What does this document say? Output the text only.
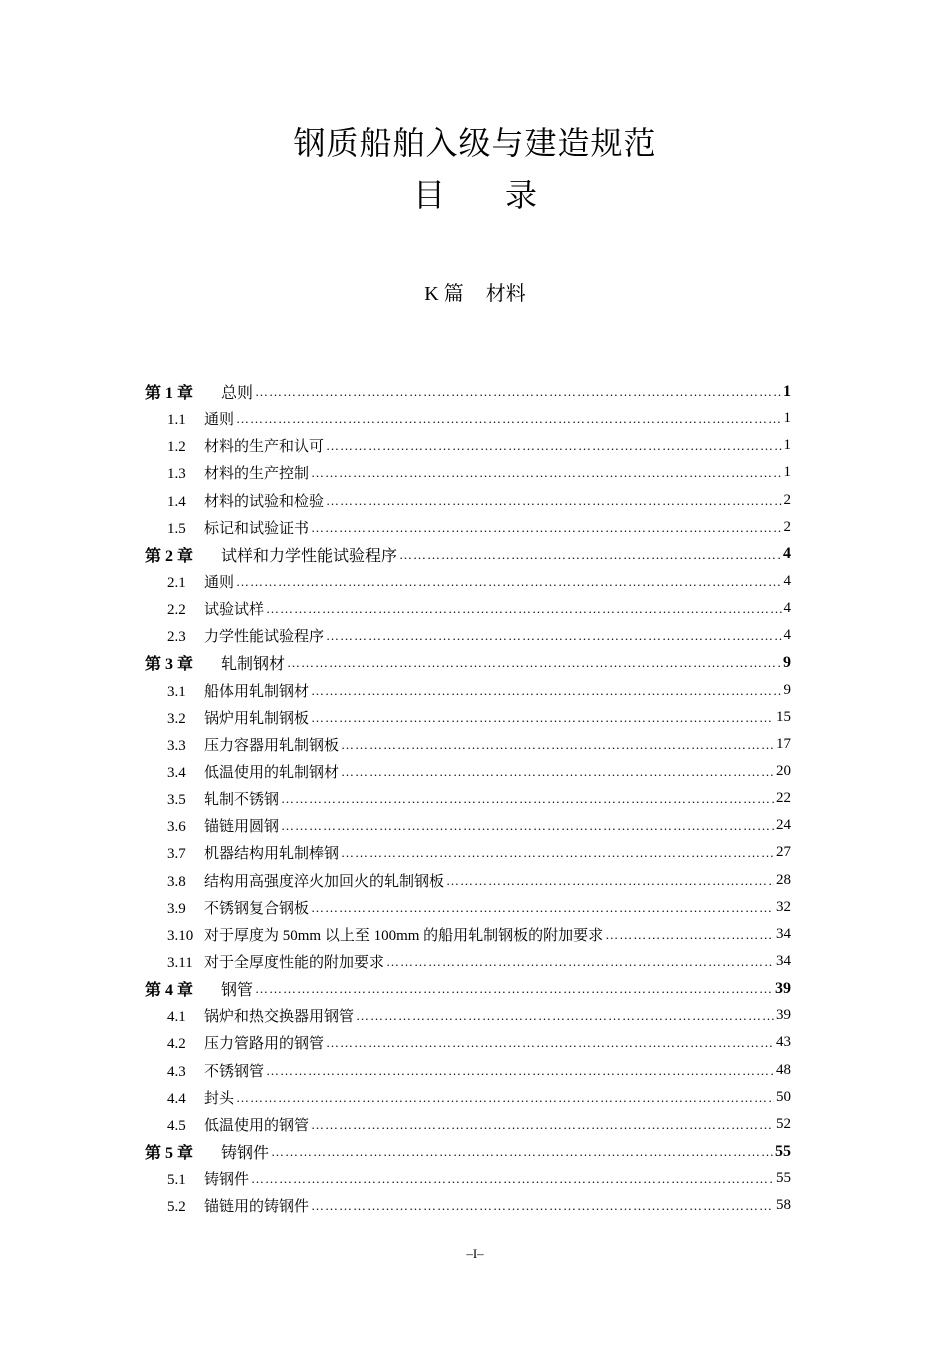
钢质船舶入级与建造规范
目录
K 篇 材料
第 1 章 总则 …………………………………………………………………………………………………………………………………………………………………………………………………………………………………………………………………………	1
1.1 通则 …………………………………………………………………………………………………………………………………………………………………………………………………………………………………………………………………………	1
1.2 材料的生产和认可 …………………………………………………………………………………………………………………………………………………………………………………………………………………………………………………………………………	1
1.3 材料的生产控制 …………………………………………………………………………………………………………………………………………………………………………………………………………………………………………………………………………	1
1.4 材料的试验和检验 …………………………………………………………………………………………………………………………………………………………………………………………………………………………………………………………………………	2
1.5 标记和试验证书 …………………………………………………………………………………………………………………………………………………………………………………………………………………………………………………………………………	2
第 2 章 试样和力学性能试验程序 …………………………………………………………………………………………………………………………………………………………………………………………………………………………………………………………………………	4
2.1 通则 …………………………………………………………………………………………………………………………………………………………………………………………………………………………………………………………………………	4
2.2 试验试样 …………………………………………………………………………………………………………………………………………………………………………………………………………………………………………………………………………	4
2.3 力学性能试验程序 …………………………………………………………………………………………………………………………………………………………………………………………………………………………………………………………………………	4
第 3 章 轧制钢材 …………………………………………………………………………………………………………………………………………………………………………………………………………………………………………………………………………	9
3.1 船体用轧制钢材 …………………………………………………………………………………………………………………………………………………………………………………………………………………………………………………………………………	9
3.2 锅炉用轧制钢板 …………………………………………………………………………………………………………………………………………………………………………………………………………………………………………………………………………	15
3.3 压力容器用轧制钢板 …………………………………………………………………………………………………………………………………………………………………………………………………………………………………………………………………………	17
3.4 低温使用的轧制钢材 …………………………………………………………………………………………………………………………………………………………………………………………………………………………………………………………………………	20
3.5 轧制不锈钢 …………………………………………………………………………………………………………………………………………………………………………………………………………………………………………………………………………	22
3.6 锚链用圆钢 …………………………………………………………………………………………………………………………………………………………………………………………………………………………………………………………………………	24
3.7 机器结构用轧制棒钢 …………………………………………………………………………………………………………………………………………………………………………………………………………………………………………………………………………	27
3.8 结构用高强度淬火加回火的轧制钢板 …………………………………………………………………………………………………………………………………………………………………………………………………………………………………………………………………………	28
3.9 不锈钢复合钢板 …………………………………………………………………………………………………………………………………………………………………………………………………………………………………………………………………………	32
3.10 对于厚度为 50mm 以上至 100mm 的船用轧制钢板的附加要求 …………………………………………………………………………………………………………………………………………………………………………………………………………………………………………………………………………	34
3.11 对于全厚度性能的附加要求 …………………………………………………………………………………………………………………………………………………………………………………………………………………………………………………………………………	34
第 4 章 钢管 …………………………………………………………………………………………………………………………………………………………………………………………………………………………………………………………………………	39
4.1 锅炉和热交换器用钢管 …………………………………………………………………………………………………………………………………………………………………………………………………………………………………………………………………………	39
4.2 压力管路用的钢管 …………………………………………………………………………………………………………………………………………………………………………………………………………………………………………………………………………	43
4.3 不锈钢管 …………………………………………………………………………………………………………………………………………………………………………………………………………………………………………………………………………	48
4.4 封头 …………………………………………………………………………………………………………………………………………………………………………………………………………………………………………………………………………	50
4.5 低温使用的钢管 …………………………………………………………………………………………………………………………………………………………………………………………………………………………………………………………………………	52
第 5 章 铸钢件 …………………………………………………………………………………………………………………………………………………………………………………………………………………………………………………………………………	55
5.1 铸钢件 …………………………………………………………………………………………………………………………………………………………………………………………………………………………………………………………………………	55
5.2 锚链用的铸钢件 …………………………………………………………………………………………………………………………………………………………………………………………………………………………………………………………………………	58
–I–
